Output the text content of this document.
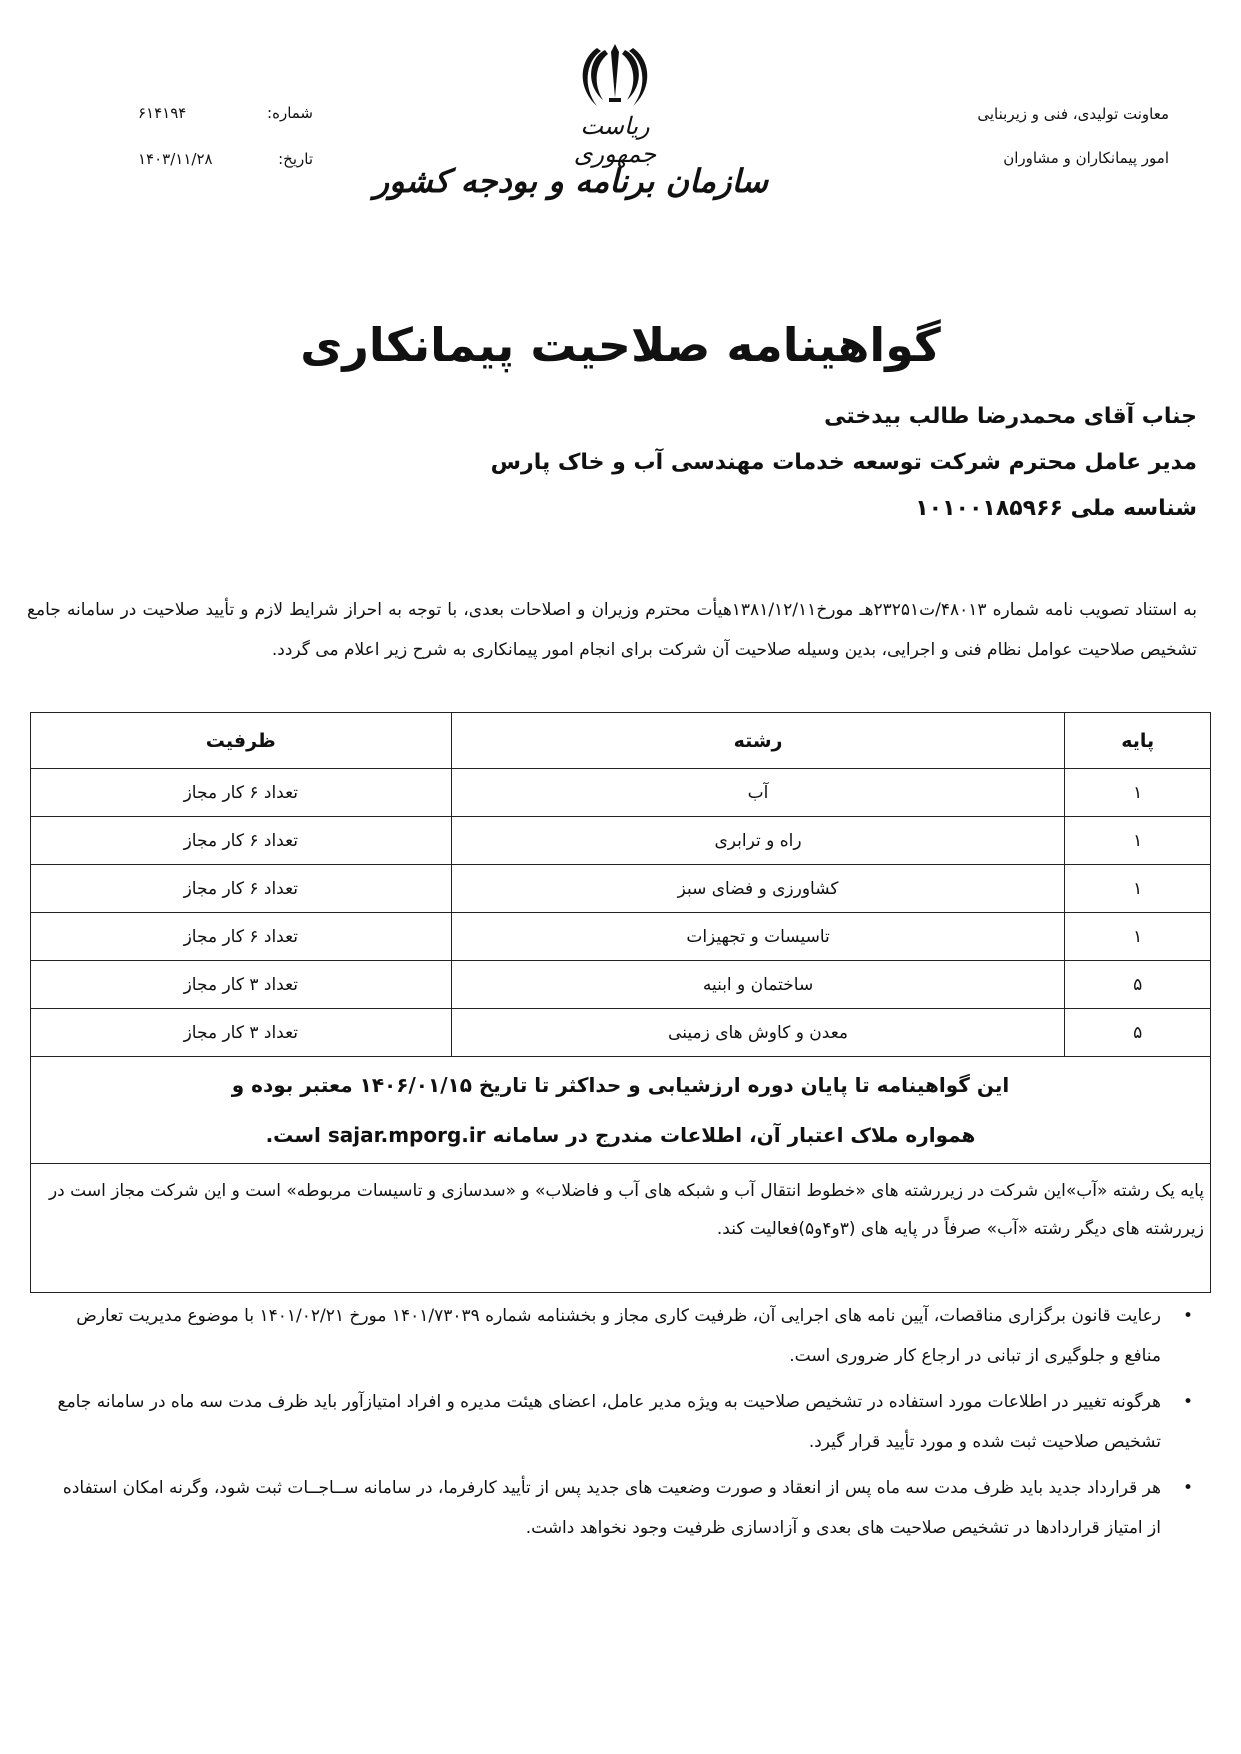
معاونت تولیدی، فنی و زیربنایی
امور پیمانکاران و مشاوران
ریاست جمهوری
سازمان برنامه و بودجه کشور
شماره:
۶۱۴۱۹۴
تاریخ:
۱۴۰۳/۱۱/۲۸
گواهینامه صلاحیت پیمانکاری
جناب آقای محمدرضا طالب بیدختی
مدیر عامل محترم شرکت توسعه خدمات مهندسی آب و خاک پارس
شناسه ملی ۱۰۱۰۰۱۸۵۹۶۶
به استناد تصویب نامه شماره ۴۸۰۱۳/ت۲۳۲۵۱هـ مورخ۱۳۸۱/۱۲/۱۱هیأت محترم وزیران و اصلاحات بعدی، با توجه به احراز شرایط لازم و تأیید صلاحیت در سامانه جامع تشخیص صلاحیت عوامل نظام فنی و اجرایی، بدین وسیله صلاحیت آن شرکت برای انجام امور پیمانکاری به شرح زیر اعلام می گردد.
پایه	رشته	ظرفیت
۱	آب	تعداد ۶ کار مجاز
۱	راه و ترابری	تعداد ۶ کار مجاز
۱	کشاورزی و فضای سبز	تعداد ۶ کار مجاز
۱	تاسیسات و تجهیزات	تعداد ۶ کار مجاز
۵	ساختمان و ابنیه	تعداد ۳ کار مجاز
۵	معدن و کاوش های زمینی	تعداد ۳ کار مجاز

این گواهینامه تا پایان دوره ارزشیابی و حداکثر تا تاریخ ۱۴۰۶/۰۱/۱۵ معتبر بوده و
همواره ملاک اعتبار آن، اطلاعات مندرج در سامانه sajar.mporg.ir است.		

پایه یک رشته «آب»این شرکت در زیررشته های «خطوط انتقال آب و شبکه های آب و فاضلاب» و «سدسازی و تاسیسات مربوطه» است و این شرکت مجاز است در زیررشته های دیگر رشته «آب» صرفاً در پایه های (۳و۴و۵)فعالیت کند.		
•
رعایت قانون برگزاری مناقصات، آیین نامه های اجرایی آن، ظرفیت کاری مجاز و بخشنامه شماره ۱۴۰۱/۷۳۰۳۹ مورخ ۱۴۰۱/۰۲/۲۱ با موضوع مدیریت تعارض منافع و جلوگیری از تبانی در ارجاع کار ضروری است.
•
هرگونه تغییر در اطلاعات مورد استفاده در تشخیص صلاحیت به ویژه مدیر عامل، اعضای هیئت مدیره و افراد امتیازآور باید ظرف مدت سه ماه در سامانه جامع تشخیص صلاحیت ثبت شده و مورد تأیید قرار گیرد.
•
هر قرارداد جدید باید ظرف مدت سه ماه پس از انعقاد و صورت وضعیت های جدید پس از تأیید کارفرما، در سامانه ســاجــات ثبت شود، وگرنه امکان استفاده از امتیاز قراردادها در تشخیص صلاحیت های بعدی و آزادسازی ظرفیت وجود نخواهد داشت.
